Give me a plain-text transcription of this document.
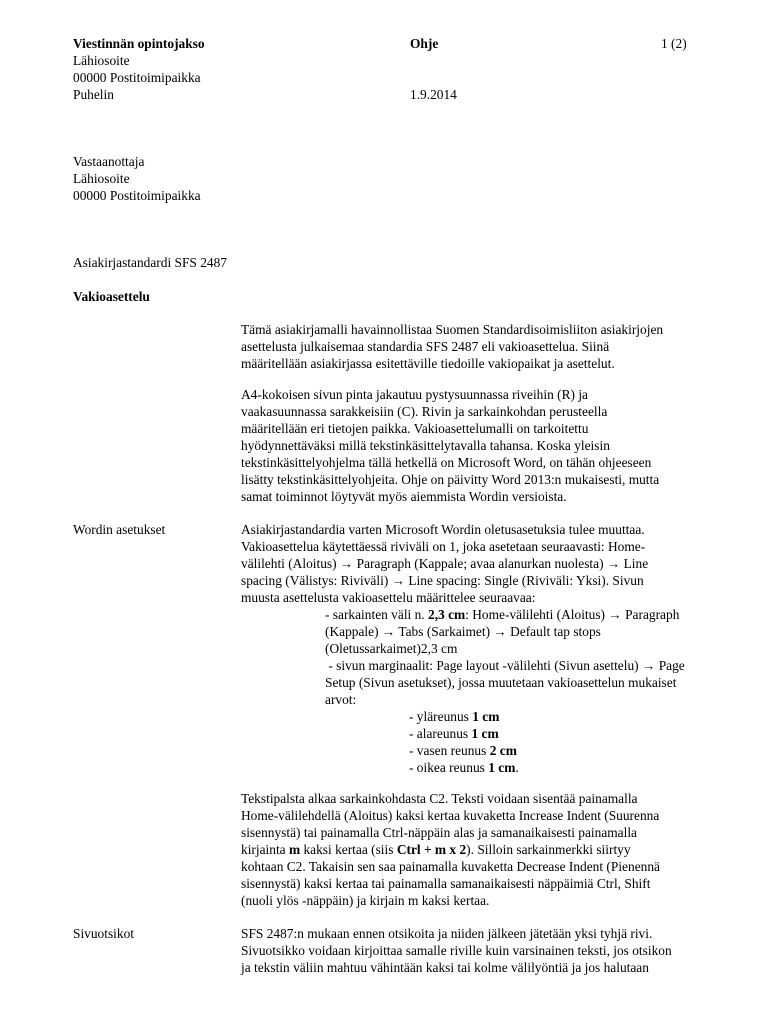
Viestinnän opintojakso
Lähiosoite
00000 Postitoimipaikka
Puhelin
Ohje
1.9.2014
1 (2)
Vastaanottaja
Lähiosoite
00000 Postitoimipaikka
Asiakirjastandardi SFS 2487
Vakioasettelu

Tämä asiakirjamalli havainnollistaa Suomen Standardisoimisliiton asiakirjojen

asettelusta julkaisemaa standardia SFS 2487 eli vakioasettelua. Siinä

määritellään asiakirjassa esitettäville tiedoille vakiopaikat ja asettelut.

A4-kokoisen sivun pinta jakautuu pystysuunnassa riveihin (R) ja

vaakasuunnassa sarakkeisiin (C). Rivin ja sarkainkohdan perusteella

määritellään eri tietojen paikka. Vakioasettelumalli on tarkoitettu

hyödynnettäväksi millä tekstinkäsittelytavalla tahansa. Koska yleisin

tekstinkäsittelyohjelma tällä hetkellä on Microsoft Word, on tähän ohjeeseen

lisätty tekstinkäsittelyohjeita. Ohje on päivitty Word 2013:n mukaisesti, mutta

samat toiminnot löytyvät myös aiemmista Wordin versioista.

Wordin asetukset	Asiakirjastandardia varten Microsoft Wordin oletusasetuksia tulee muuttaa.

Vakioasettelua käytettäessä riviväli on 1, joka asetetaan seuraavasti: Home-

välilehti (Aloitus) → Paragraph (Kappale; avaa alanurkan nuolesta) → Line

spacing (Välistys: Riviväli) → Line spacing: Single (Riviväli: Yksi). Sivun

muusta asettelusta vakioasettelu määrittelee seuraavaa:

- sarkainten väli n. 2,3 cm: Home-välilehti (Aloitus) → Paragraph

(Kappale) → Tabs (Sarkaimet) → Default tap stops

(Oletussarkaimet)2,3 cm

- sivun marginaalit: Page layout -välilehti (Sivun asettelu) → Page

Setup (Sivun asetukset), jossa muutetaan vakioasettelun mukaiset

arvot:

- yläreunus 1 cm

- alareunus 1 cm

- vasen reunus 2 cm

- oikea reunus 1 cm.

Tekstipalsta alkaa sarkainkohdasta C2. Teksti voidaan sisentää painamalla

Home-välilehdellä (Aloitus) kaksi kertaa kuvaketta Increase Indent (Suurenna

sisennystä) tai painamalla Ctrl-näppäin alas ja samanaikaisesti painamalla

kirjainta m kaksi kertaa (siis Ctrl + m x 2). Silloin sarkainmerkki siirtyy

kohtaan C2. Takaisin sen saa painamalla kuvaketta Decrease Indent (Pienennä

sisennystä) kaksi kertaa tai painamalla samanaikaisesti näppäimiä Ctrl, Shift

(nuoli ylös -näppäin) ja kirjain m kaksi kertaa.

Sivuotsikot	SFS 2487:n mukaan ennen otsikoita ja niiden jälkeen jätetään yksi tyhjä rivi.

Sivuotsikko voidaan kirjoittaa samalle riville kuin varsinainen teksti, jos otsikon

ja tekstin väliin mahtuu vähintään kaksi tai kolme välilyöntiä ja jos halutaan
